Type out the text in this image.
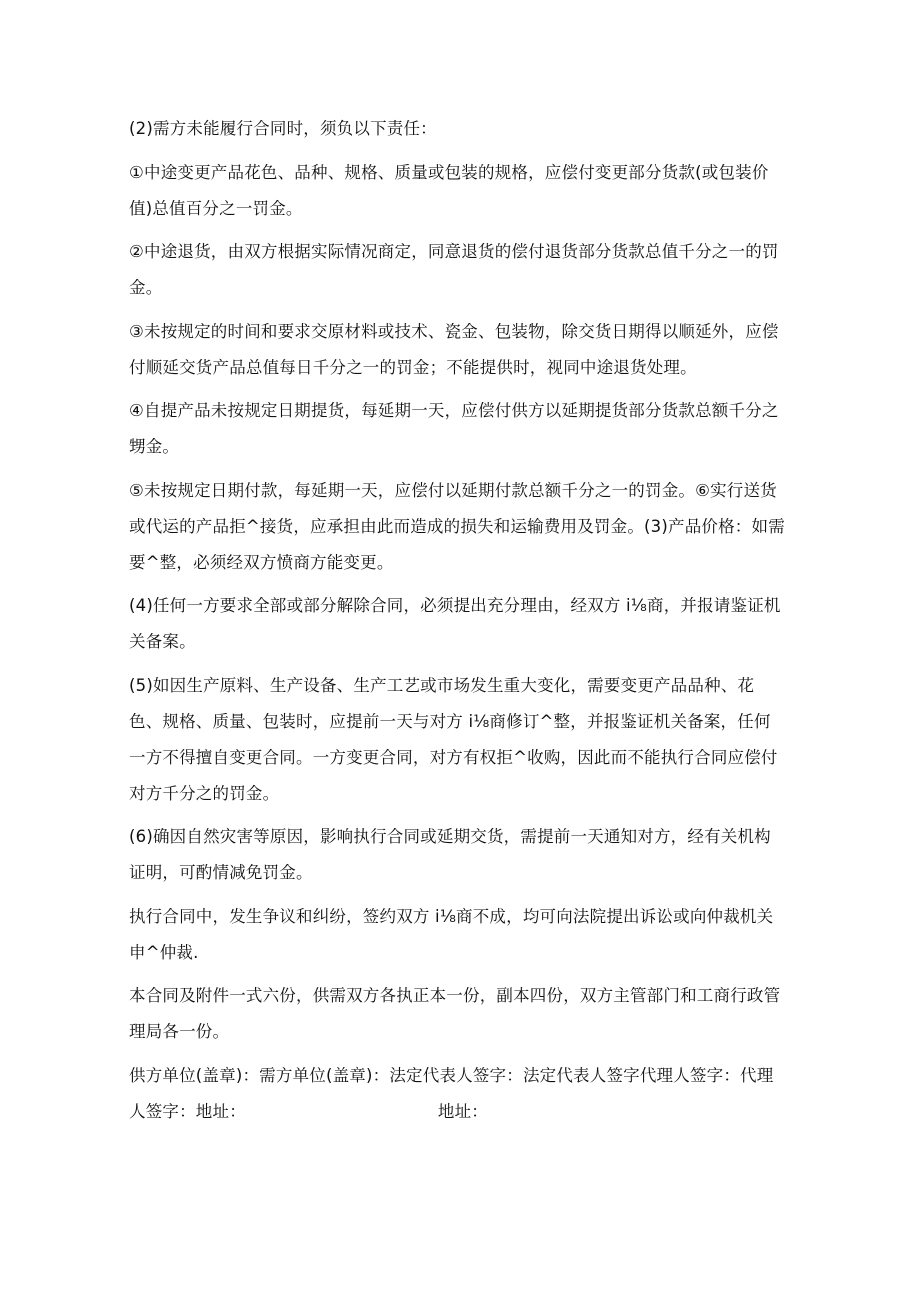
(2)需方未能履行合同时，须负以下责任：

①中途变更产品花色、品种、规格、质量或包装的规格，应偿付变更部分货款(或包装价值)总值百分之一罚金。

②中途退货，由双方根据实际情况商定，同意退货的偿付退货部分货款总值千分之一的罚金。

③未按规定的时间和要求交原材料或技术、瓷金、包装物，除交货日期得以顺延外，应偿付顺延交货产品总值每日千分之一的罚金；不能提供时，视同中途退货处理。

④自提产品未按规定日期提货，每延期一天，应偿付供方以延期提货部分货款总额千分之甥金。

⑤未按规定日期付款，每延期一天，应偿付以延期付款总额千分之一的罚金。⑥实行送货或代运的产品拒^接货，应承担由此而造成的损失和运输费用及罚金。(3)产品价格：如需要^整，必须经双方愤商方能变更。

(4)任何一方要求全部或部分解除合同，必须提出充分理由，经双方 i⅛商，并报请鉴证机关备案。

(5)如因生产原料、生产设备、生产工艺或市场发生重大变化，需要变更产品品种、花色、规格、质量、包装时，应提前一天与对方 i⅛商修订^整，并报鉴证机关备案，任何一方不得擅自变更合同。一方变更合同，对方有权拒^收购，因此而不能执行合同应偿付对方千分之的罚金。

(6)确因自然灾害等原因，影响执行合同或延期交货，需提前一天通知对方，经有关机构证明，可酌情减免罚金。

执行合同中，发生争议和纠纷，签约双方 i⅛商不成，均可向法院提出诉讼或向仲裁机关申^仲裁.

本合同及附件一式六份，供需双方各执正本一份，副本四份，双方主管部门和工商行政管理局各一份。

供方单位(盖章)：需方单位(盖章)：法定代表人签字：法定代表人签字代理人签字：代理

人签字：地址：	地址：
